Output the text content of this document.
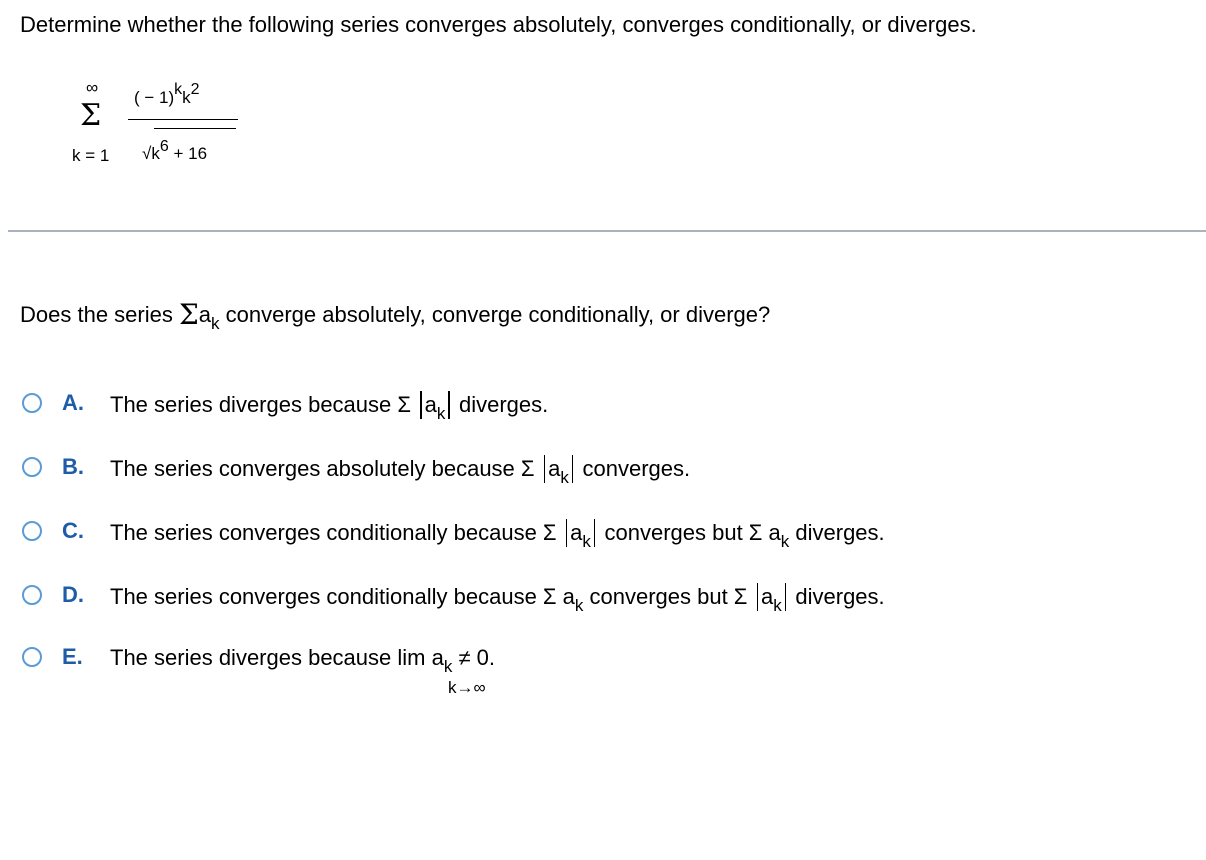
Determine whether the following series converges absolutely, converges conditionally, or diverges.
∞
Σ
k = 1
( − 1)kk2
√k6 + 16
Does the series $\Sigma a_k$ converge absolutely, converge conditionally, or diverge?
A. The series diverges because Σ $a_k$ diverges.
B. The series converges absolutely because Σ $a_k$ converges.
C. The series converges conditionally because Σ $a_k$ converges but Σ $a_k$ diverges.
D. The series converges conditionally because Σ $a_k$ converges but Σ $a_k$ diverges.
E. The series diverges because $\lim a_k \ne 0$.
k→∞
